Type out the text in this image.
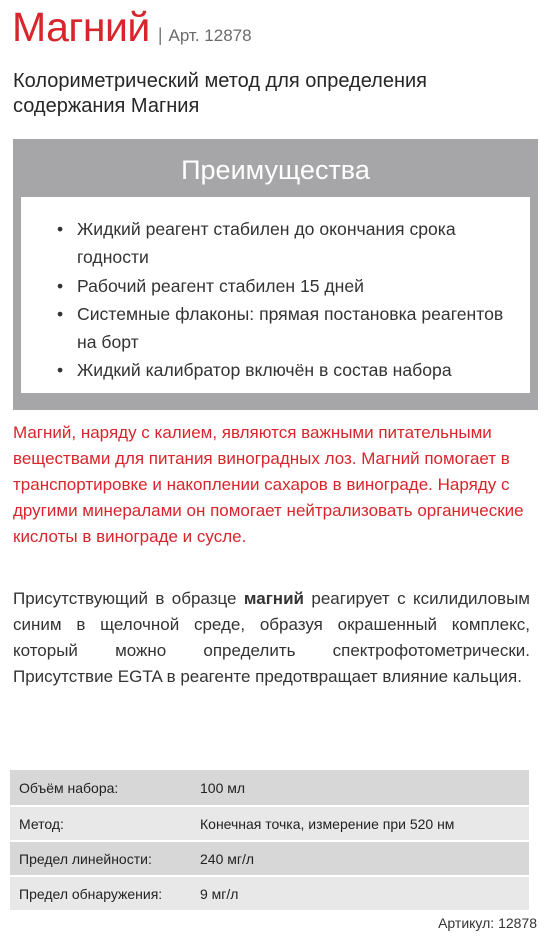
Магний | Арт. 12878
Колориметрический метод для определения содержания Магния
Преимущества
• Жидкий реагент стабилен до окончания срока годности
• Рабочий реагент стабилен 15 дней
• Системные флаконы: прямая постановка реагентов на борт
• Жидкий калибратор включён в состав набора
Магний, наряду с калием, являются важными питательными веществами для питания виноградных лоз. Магний помогает в транспортировке и накоплении сахаров в винограде. Наряду с другими минералами он помогает нейтрализовать органические кислоты в винограде и сусле.
Присутствующий в образце магний реагирует с ксилидиловым синим в щелочной среде, образуя окрашенный комплекс, который можно определить спектрофотометрически. Присутствие EGTA в реагенте предотвращает влияние кальция.
Объём набора:	100 мл
Метод:	Конечная точка, измерение при 520 нм
Предел линейности:	240 мг/л
Предел обнаружения:	9 мг/л
Артикул: 12878
